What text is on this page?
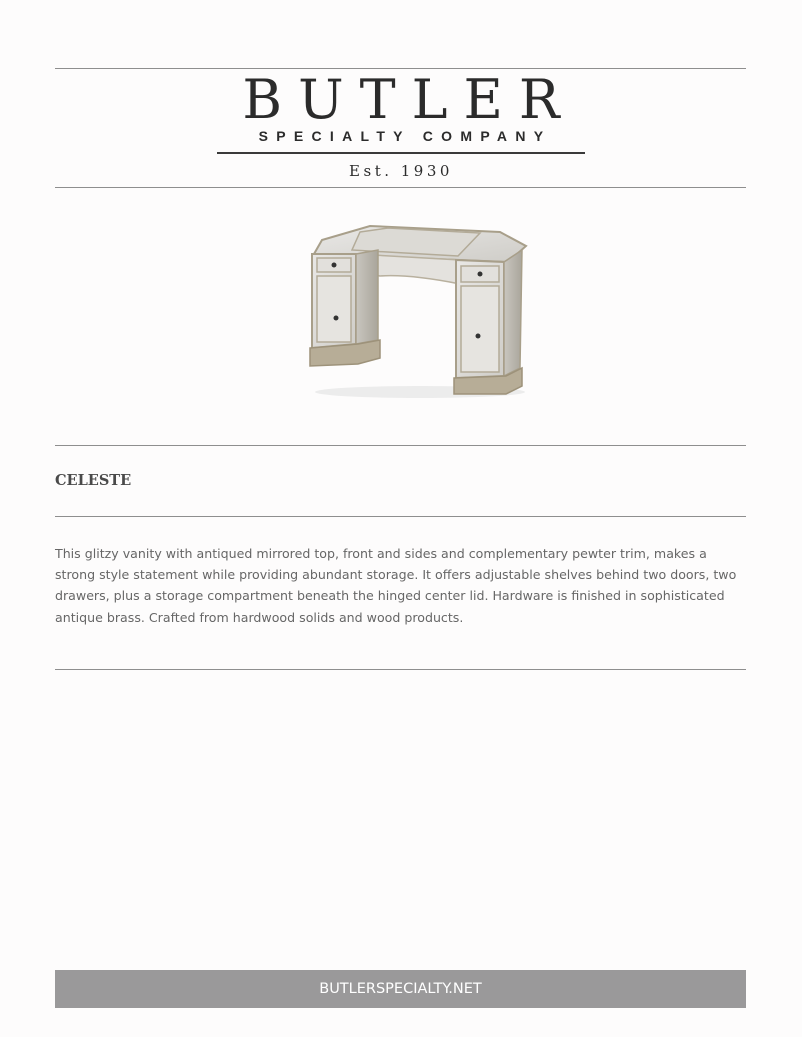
BUTLER
SPECIALTY COMPANY
Est. 1930
CELESTE
This glitzy vanity with antiqued mirrored top, front and sides and complementary pewter trim, makes a strong style statement while providing abundant storage. It offers adjustable shelves behind two doors, two drawers, plus a storage compartment beneath the hinged center lid. Hardware is finished in sophisticated antique brass. Crafted from hardwood solids and wood products.
BUTLERSPECIALTY.NET
